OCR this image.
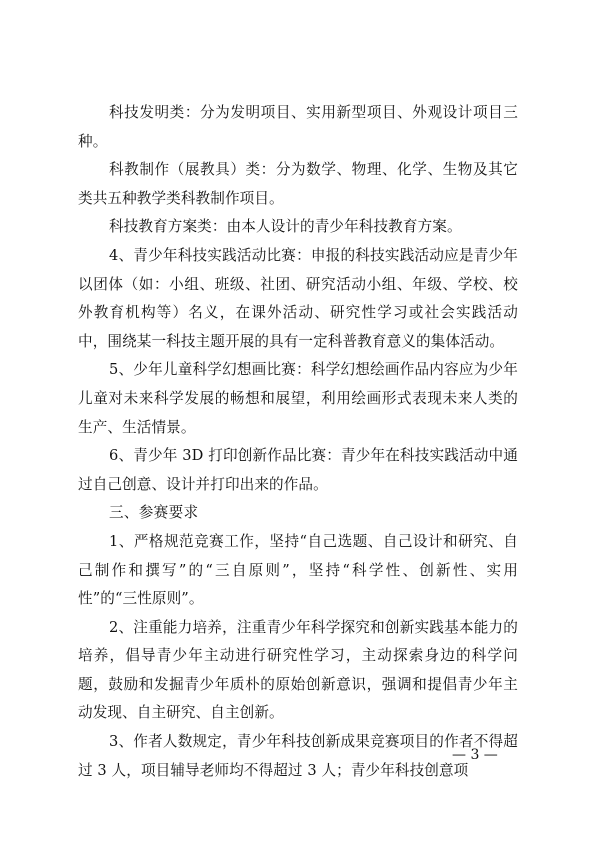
科技发明类：分为发明项目、实用新型项目、外观设计项目三种。

科教制作（展教具）类：分为数学、物理、化学、生物及其它类共五种教学类科教制作项目。

科技教育方案类：由本人设计的青少年科技教育方案。

4、青少年科技实践活动比赛：申报的科技实践活动应是青少年以团体（如：小组、班级、社团、研究活动小组、年级、学校、校外教育机构等）名义，在课外活动、研究性学习或社会实践活动中，围绕某一科技主题开展的具有一定科普教育意义的集体活动。

5、少年儿童科学幻想画比赛：科学幻想绘画作品内容应为少年儿童对未来科学发展的畅想和展望，利用绘画形式表现未来人类的生产、生活情景。

6、青少年 3D 打印创新作品比赛：青少年在科技实践活动中通过自己创意、设计并打印出来的作品。

三、参赛要求

1、严格规范竞赛工作，坚持“自己选题、自己设计和研究、自己制作和撰写”的“三自原则”，坚持“科学性、创新性、实用性”的“三性原则”。

2、注重能力培养，注重青少年科学探究和创新实践基本能力的培养，倡导青少年主动进行研究性学习，主动探索身边的科学问题，鼓励和发掘青少年质朴的原始创新意识，强调和提倡青少年主动发现、自主研究、自主创新。

3、作者人数规定，青少年科技创新成果竞赛项目的作者不得超过 3 人，项目辅导老师均不得超过 3 人；青少年科技创意项

— 3 —
